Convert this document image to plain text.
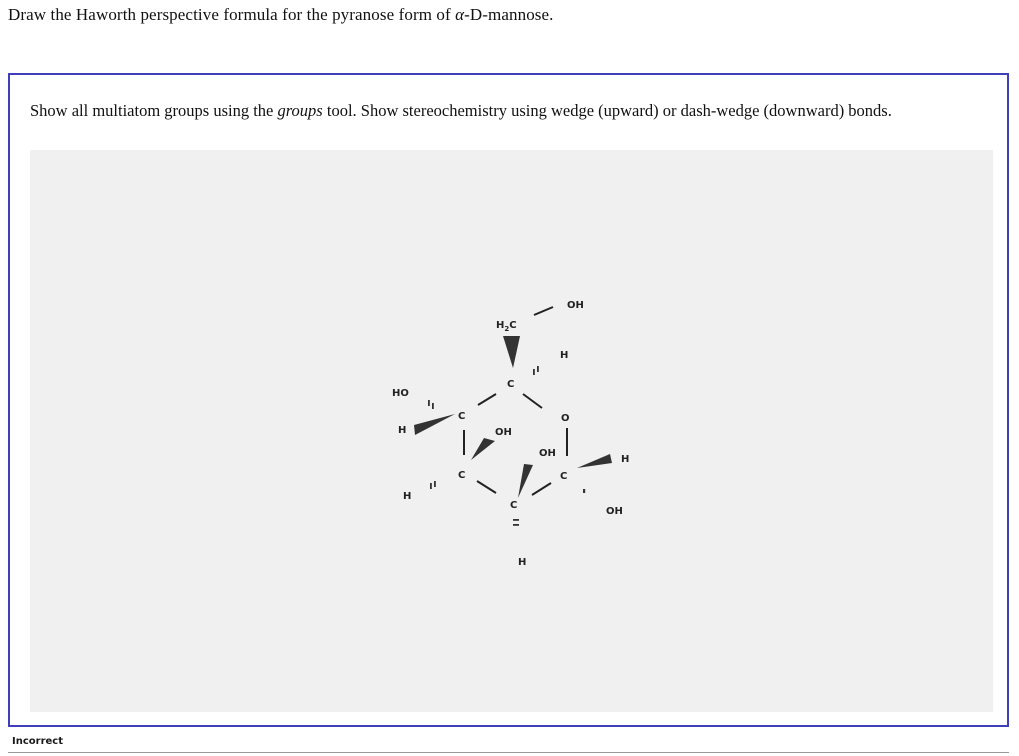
Draw the Haworth perspective formula for the pyranose form of α-D-mannose.
Show all multiatom groups using the groups tool. Show stereochemistry using wedge (upward) or dash-wedge (downward) bonds.
OH
$H_2C$
H
C
HO
C	O
H	OH
OH
C
H
H
C
C
OH
H
Incorrect
